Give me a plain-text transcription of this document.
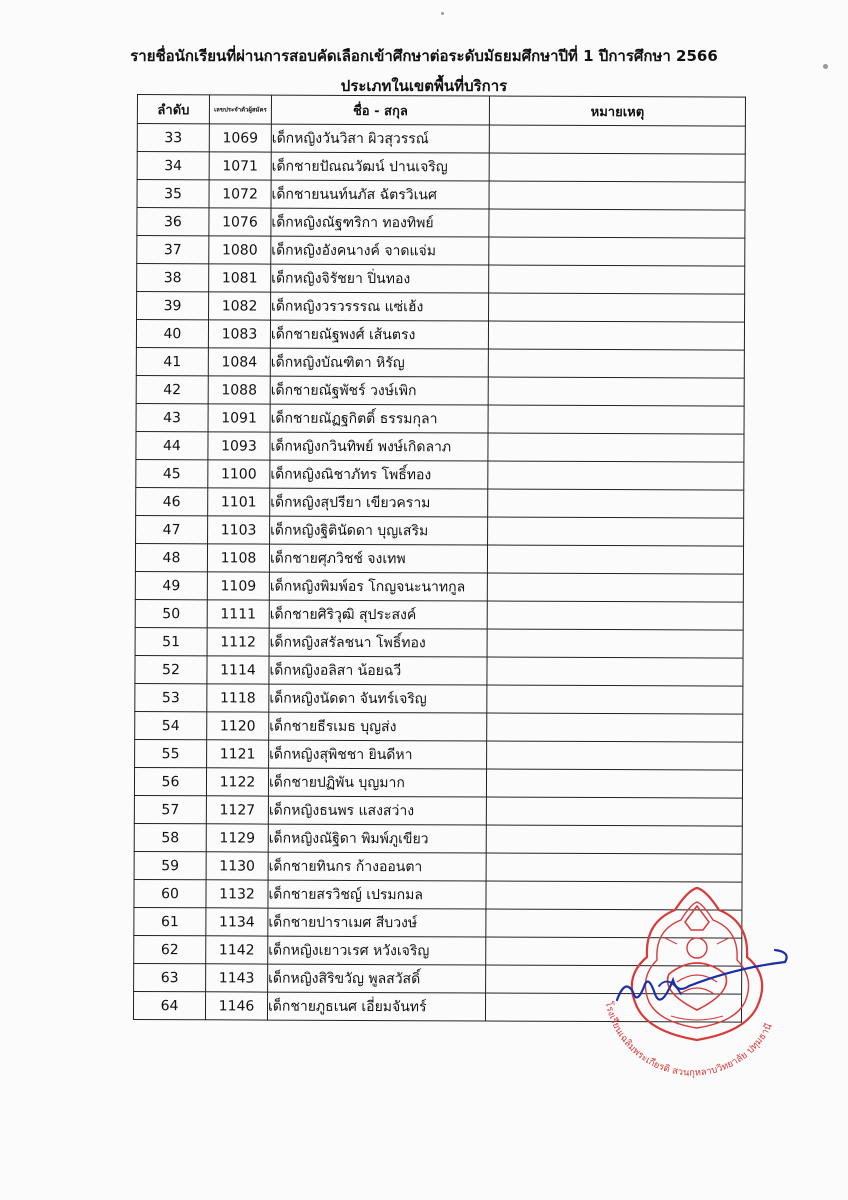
รายชื่อนักเรียนที่ผ่านการสอบคัดเลือกเข้าศึกษาต่อระดับมัธยมศึกษาปีที่ 1 ปีการศึกษา 2566
ประเภทในเขตพื้นที่บริการ
ลำดับ	เลขประจำตัวผู้สมัคร	ชื่อ - สกุล	หมายเหตุ
33	1069	เด็กหญิงวันวิสา ผิวสุวรรณ์	
34	1071	เด็กชายปัณณวัฒน์ ปานเจริญ	
35	1072	เด็กชายนนท์นภัส ฉัตรวิเนศ	
36	1076	เด็กหญิงณัฐฑริกา ทองทิพย์	
37	1080	เด็กหญิงอังคนางค์ จาดแจ่ม	
38	1081	เด็กหญิงจิรัชยา ปิ่นทอง	
39	1082	เด็กหญิงวรวรรรณ แซ่เฮ้ง	
40	1083	เด็กชายณัฐพงศ์ เส้นตรง	
41	1084	เด็กหญิงบัณฑิตา หิรัญ	
42	1088	เด็กชายณัฐพัชร์ วงษ์เพิก	
43	1091	เด็กชายณัฏฐกิตติ์ ธรรมกุลา	
44	1093	เด็กหญิงกวินทิพย์ พงษ์เกิดลาภ	
45	1100	เด็กหญิงณิชาภัทร โพธิ์ทอง	
46	1101	เด็กหญิงสุปรียา เขียวคราม	
47	1103	เด็กหญิงฐิตินัดดา บุญเสริม	
48	1108	เด็กชายศุภวิชช์ จงเทพ	
49	1109	เด็กหญิงพิมพ์อร โกญจนะนาทกูล	
50	1111	เด็กชายศิริวุฒิ สุประสงค์	
51	1112	เด็กหญิงสรัลชนา โพธิ์ทอง	
52	1114	เด็กหญิงอลิสา น้อยฉวี	
53	1118	เด็กหญิงนัดดา จันทร์เจริญ	
54	1120	เด็กชายธีรเมธ บุญส่ง	
55	1121	เด็กหญิงสุพิชชา ยินดีหา	
56	1122	เด็กชายปฏิพัน บุญมาก	
57	1127	เด็กหญิงธนพร แสงสว่าง	
58	1129	เด็กหญิงณัฐิดา พิมพ์ภูเขียว	
59	1130	เด็กชายทินกร ก้างออนตา	
60	1132	เด็กชายสรวิชญ์ เปรมกมล	
61	1134	เด็กชายปาราเมศ สีบวงษ์	
62	1142	เด็กหญิงเยาวเรศ หวังเจริญ	
63	1143	เด็กหญิงสิริขวัญ พูลสวัสดิ์	
64	1146	เด็กชายภูธเนศ เอี่ยมจันทร์		โรงเรียนเฉลิมพระเกียรติ สวนกุหลาบวิทยาลัย ปทุมธานี
